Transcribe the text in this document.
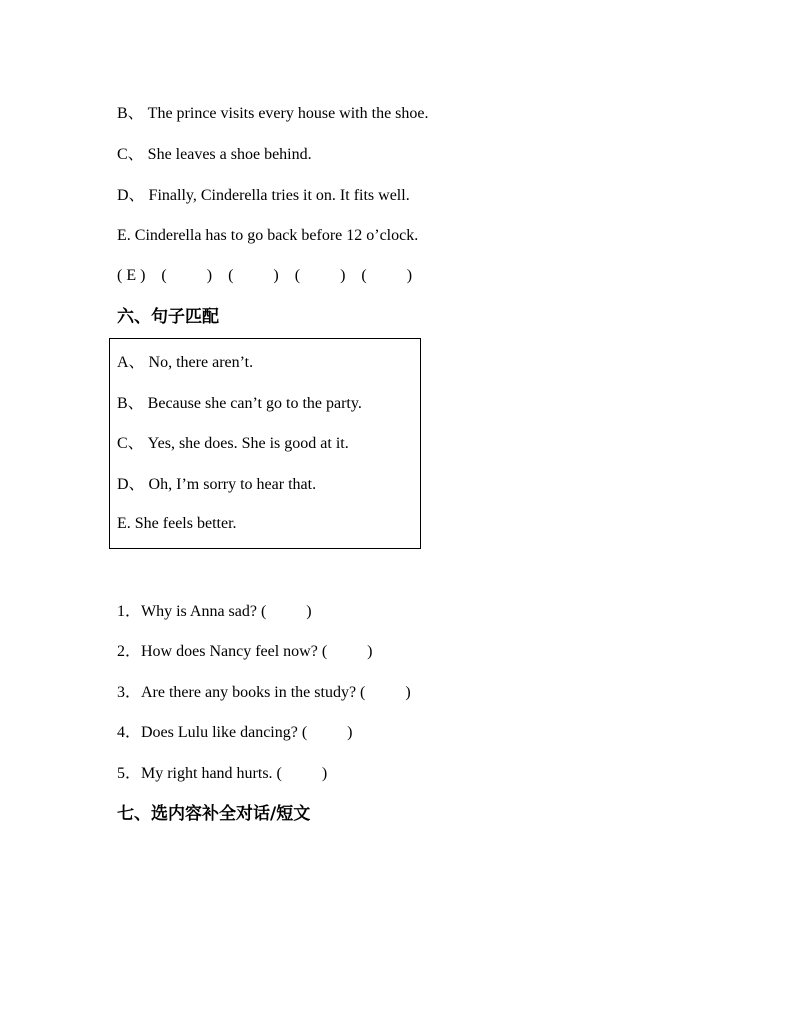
B、 The prince visits every house with the shoe.
C、 She leaves a shoe behind.
D、 Finally, Cinderella tries it on. It fits well.
E. Cinderella has to go back before 12 o’clock.
( E )    (          )    (          )    (          )    (          )
六、句子匹配
A、 No, there aren’t.
B、 Because she can’t go to the party.
C、 Yes, she does. She is good at it.
D、 Oh, I’m sorry to hear that.
E. She feels better.
1．Why is Anna sad? (          )
2．How does Nancy feel now? (          )
3．Are there any books in the study? (          )
4．Does Lulu like dancing? (          )
5．My right hand hurts. (          )
七、选内容补全对话/短文
